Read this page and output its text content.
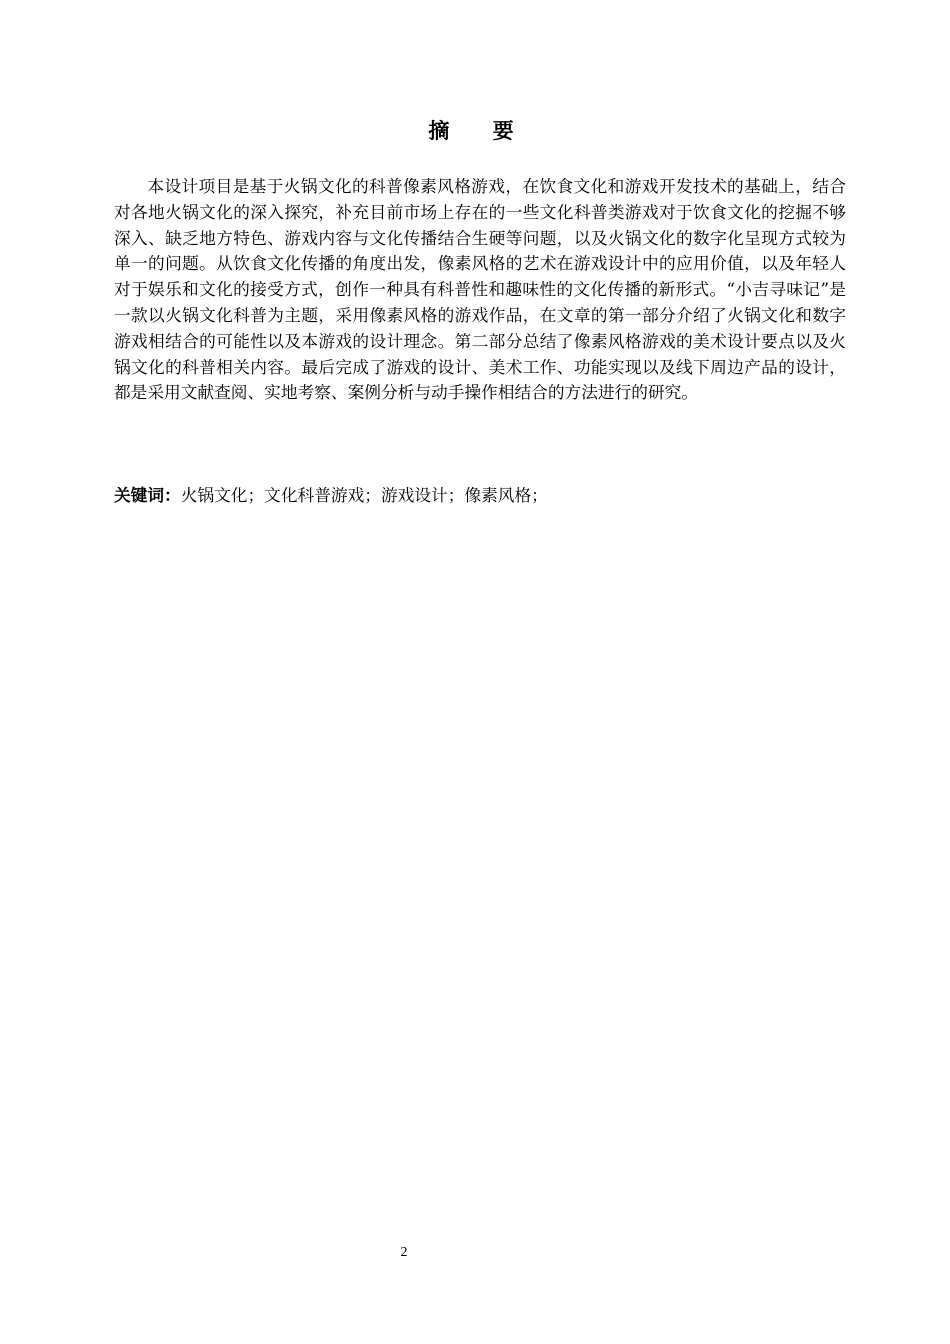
摘 要

本设计项目是基于火锅文化的科普像素风格游戏，在饮食文化和游戏开发技术的基础上，结合对各地火锅文化的深入探究，补充目前市场上存在的一些文化科普类游戏对于饮食文化的挖掘不够深入、缺乏地方特色、游戏内容与文化传播结合生硬等问题，以及火锅文化的数字化呈现方式较为单一的问题。从饮食文化传播的角度出发，像素风格的艺术在游戏设计中的应用价值，以及年轻人对于娱乐和文化的接受方式，创作一种具有科普性和趣味性的文化传播的新形式。“小吉寻味记”是一款以火锅文化科普为主题，采用像素风格的游戏作品，在文章的第一部分介绍了火锅文化和数字游戏相结合的可能性以及本游戏的设计理念。第二部分总结了像素风格游戏的美术设计要点以及火锅文化的科普相关内容。最后完成了游戏的设计、美术工作、功能实现以及线下周边产品的设计，都是采用文献查阅、实地考察、案例分析与动手操作相结合的方法进行的研究。

关键词：火锅文化；文化科普游戏；游戏设计；像素风格；

2
